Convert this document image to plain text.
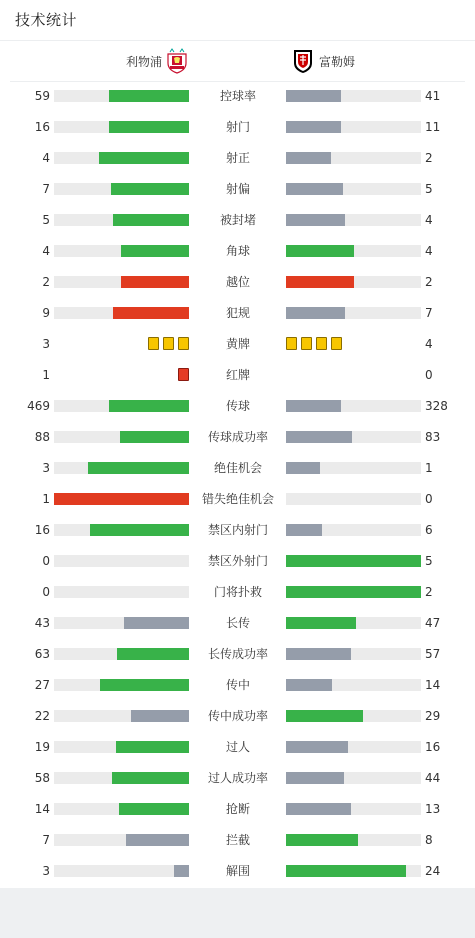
技术统计
利物浦	富勒姆
59	控球率	41
16	射门	11
4	射正	2
7	射偏	5
5	被封堵	4
4	角球	4
2	越位	2
9	犯规	7
3	黄牌	4
1	红牌	0
469	传球	328
88	传球成功率	83
3	绝佳机会	1
1	错失绝佳机会	0
16	禁区内射门	6
0	禁区外射门	5
0	门将扑救	2
43	长传	47
63	长传成功率	57
27	传中	14
22	传中成功率	29
19	过人	16
58	过人成功率	44
14	抢断	13
7	拦截	8
3	解围	24
